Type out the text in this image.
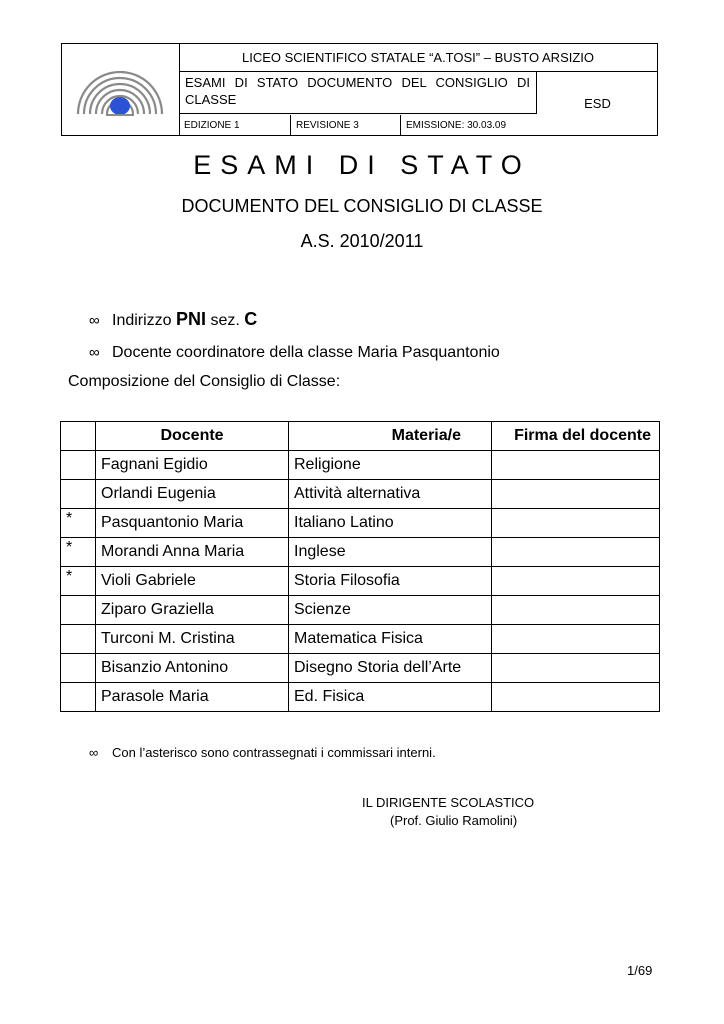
LICEO SCIENTIFICO STATALE “A.TOSI” – BUSTO ARSIZIO
ESAMI DI STATO DOCUMENTO DEL CONSIGLIO DI CLASSE	ESD
EDIZIONE 1	REVISIONE 3	EMISSIONE: 30.03.09
ESAMI DI STATO
DOCUMENTO DEL CONSIGLIO DI CLASSE
A.S. 2010/2011
∞ Indirizzo PNI sez. C
∞ Docente coordinatore della classe Maria Pasquantonio
Composizione del Consiglio di Classe:
	Docente	Materia/e	Firma del docente
	Fagnani Egidio	Religione	
	Orlandi Eugenia	Attività alternativa	
*	Pasquantonio Maria	Italiano Latino	
*	Morandi Anna Maria	Inglese	
*	Violi Gabriele	Storia Filosofia	
	Ziparo Graziella	Scienze	
	Turconi M. Cristina	Matematica Fisica	
	Bisanzio Antonino	Disegno Storia dell’Arte	
	Parasole Maria	Ed. Fisica	
∞ Con l’asterisco sono contrassegnati i commissari interni.
IL DIRIGENTE SCOLASTICO
(Prof. Giulio Ramolini)
1/69
